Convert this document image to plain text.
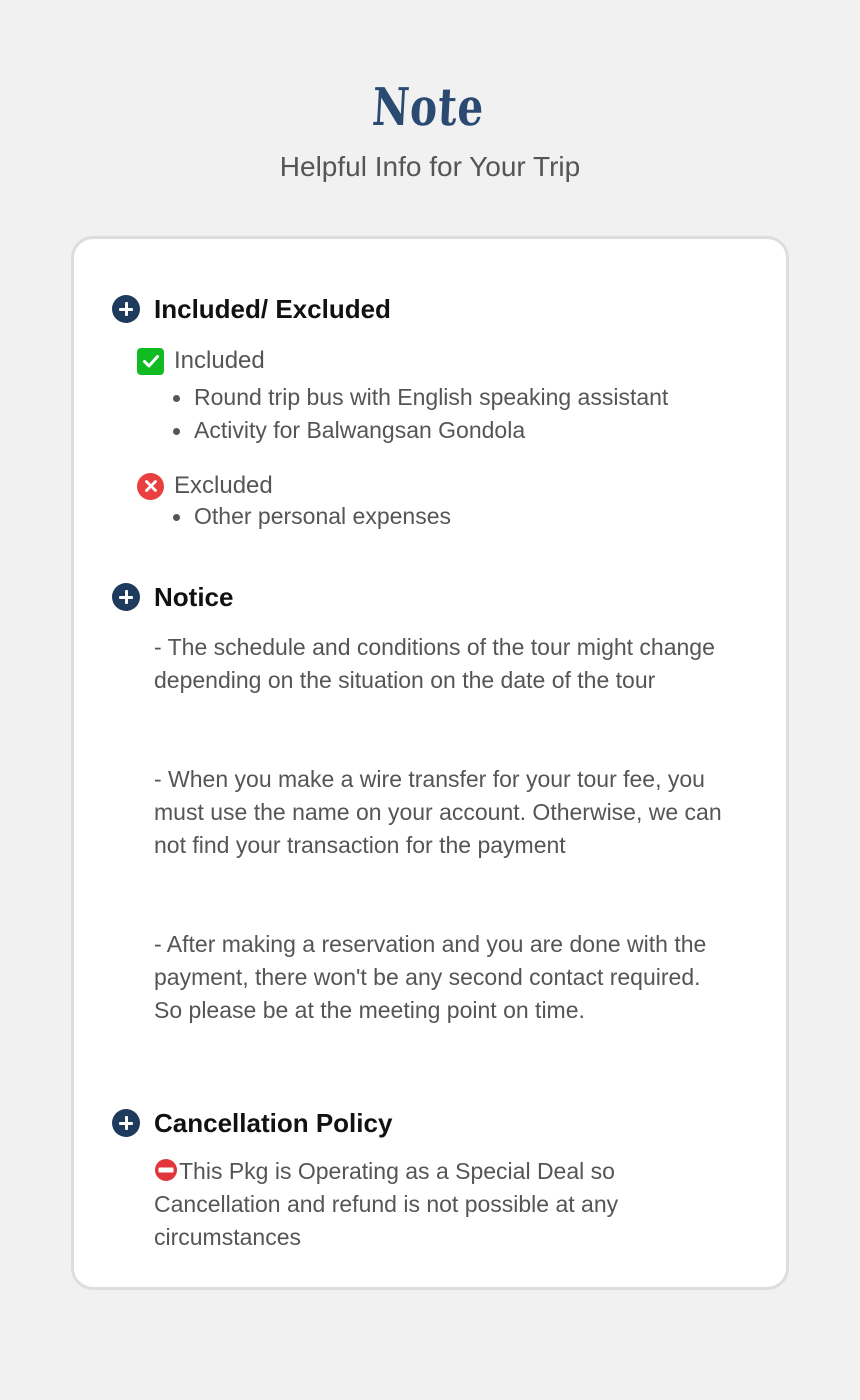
Note
Helpful Info for Your Trip
Included/ Excluded
Included
Round trip bus with English speaking assistant
Activity for Balwangsan Gondola
Excluded
Other personal expenses
Notice

- The schedule and conditions of the tour might change depending on the situation on the date of the tour

- When you make a wire transfer for your tour fee, you must use the name on your account. Otherwise, we can not find your transaction for the payment

- After making a reservation and you are done with the payment, there won't be any second contact required. So please be at the meeting point on time.

Cancellation Policy

This Pkg is Operating as a Special Deal so Cancellation and refund is not possible at any circumstances
